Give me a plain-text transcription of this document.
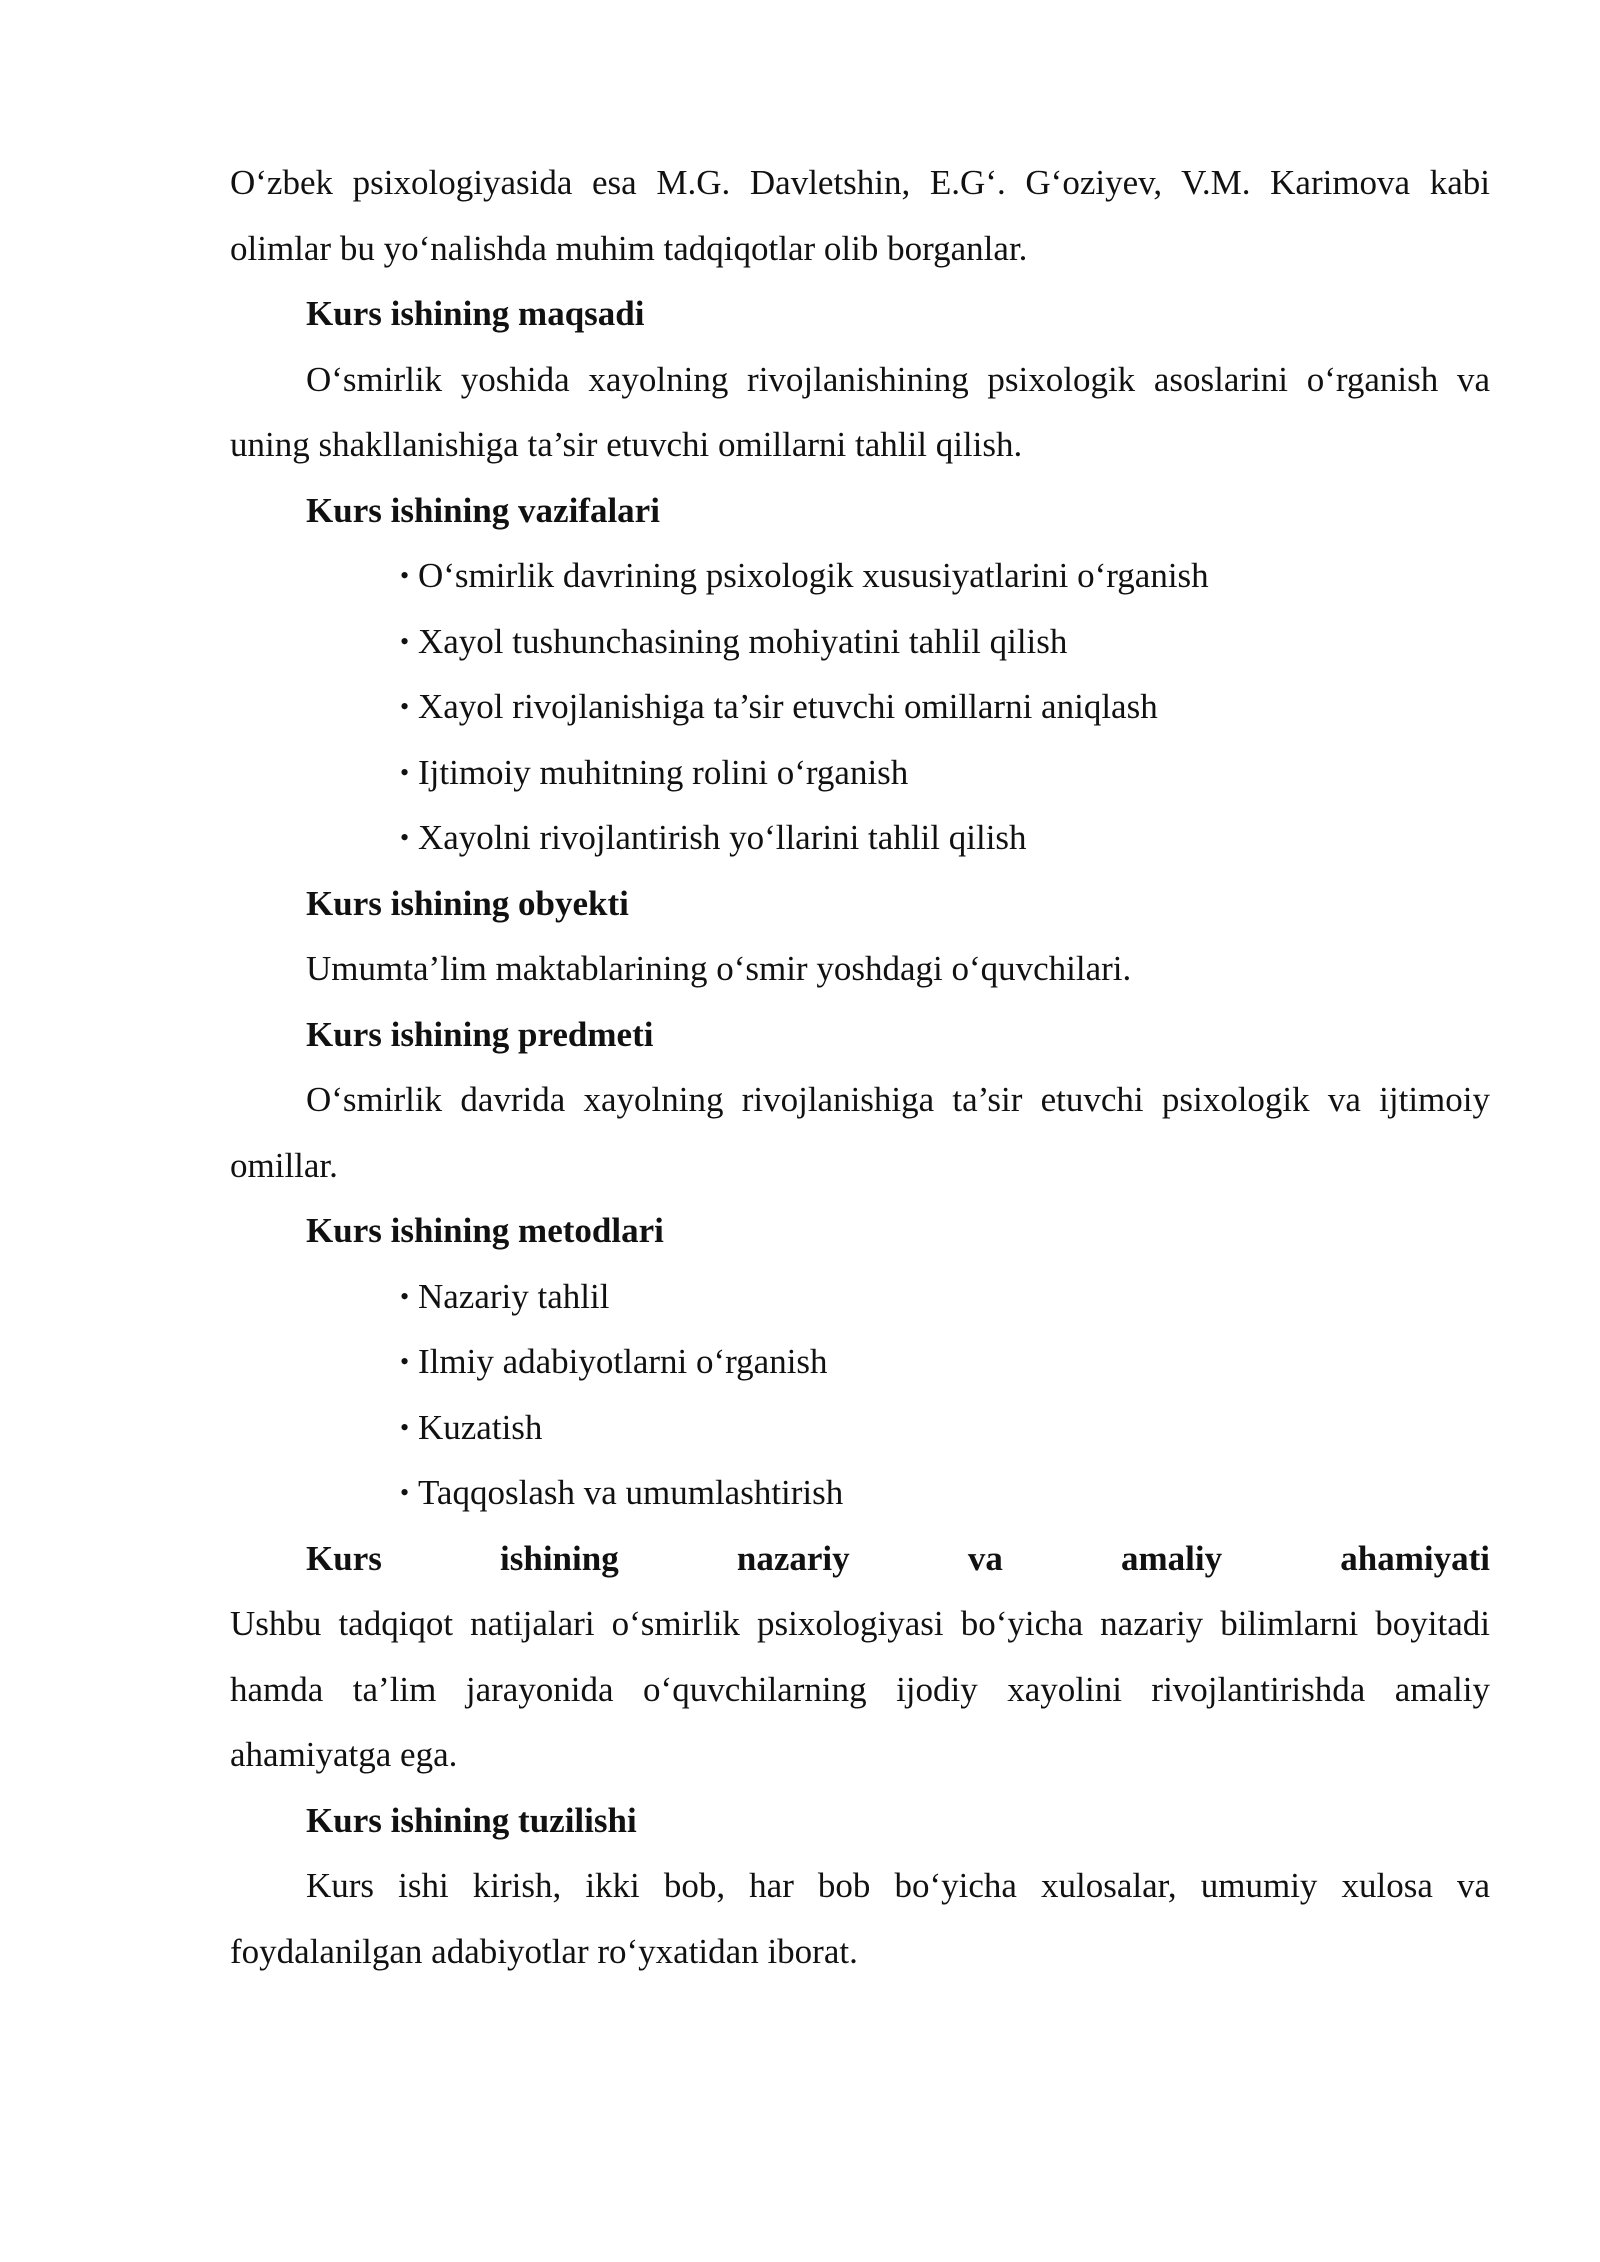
O‘zbek psixologiyasida esa M.G. Davletshin, E.G‘. G‘oziyev, V.M. Karimova kabi olimlar bu yo‘nalishda muhim tadqiqotlar olib borganlar.

Kurs ishining maqsadi

O‘smirlik yoshida xayolning rivojlanishining psixologik asoslarini o‘rganish va uning shakllanishiga ta’sir etuvchi omillarni tahlil qilish.

Kurs ishining vazifalari

• O‘smirlik davrining psixologik xususiyatlarini o‘rganish
• Xayol tushunchasining mohiyatini tahlil qilish
• Xayol rivojlanishiga ta’sir etuvchi omillarni aniqlash
• Ijtimoiy muhitning rolini o‘rganish
• Xayolni rivojlantirish yo‘llarini tahlil qilish

Kurs ishining obyekti

Umumta’lim maktablarining o‘smir yoshdagi o‘quvchilari.

Kurs ishining predmeti

O‘smirlik davrida xayolning rivojlanishiga ta’sir etuvchi psixologik va ijtimoiy omillar.

Kurs ishining metodlari

• Nazariy tahlil
• Ilmiy adabiyotlarni o‘rganish
• Kuzatish
• Taqqoslash va umumlashtirish

Kurs ishining nazariy va amaliy ahamiyati

Ushbu tadqiqot natijalari o‘smirlik psixologiyasi bo‘yicha nazariy bilimlarni boyitadi hamda ta’lim jarayonida o‘quvchilarning ijodiy xayolini rivojlantirishda amaliy ahamiyatga ega.

Kurs ishining tuzilishi

Kurs ishi kirish, ikki bob, har bob bo‘yicha xulosalar, umumiy xulosa va foydalanilgan adabiyotlar ro‘yxatidan iborat.
